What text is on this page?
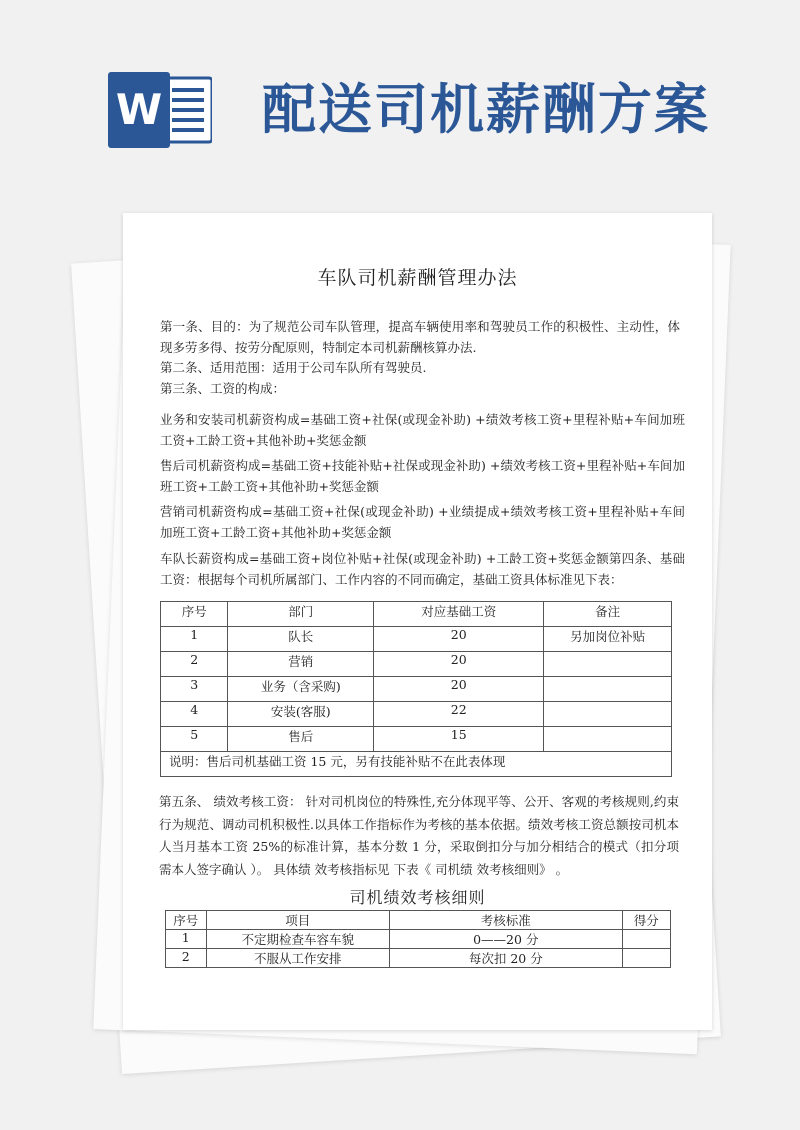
W 配送司机薪酬方案
车队司机薪酬管理办法

第一条、目的：为了规范公司车队管理，提高车辆使用率和驾驶员工作的积极性、主动性，体现多劳多得、按劳分配原则，特制定本司机薪酬核算办法.

第二条、适用范围：适用于公司车队所有驾驶员.

第三条、工资的构成：

业务和安装司机薪资构成=基础工资+社保(或现金补助) +绩效考核工资+里程补贴+车间加班工资+工龄工资+其他补助+奖惩金额

售后司机薪资构成=基础工资+技能补贴+社保或现金补助) +绩效考核工资+里程补贴+车间加班工资+工龄工资+其他补助+奖惩金额

营销司机薪资构成=基础工资+社保(或现金补助) +业绩提成+绩效考核工资+里程补贴+车间加班工资+工龄工资+其他补助+奖惩金额

车队长薪资构成=基础工资+岗位补贴+社保(或现金补助) +工龄工资+奖惩金额第四条、基础工资：根据每个司机所属部门、工作内容的不同而确定，基础工资具体标准见下表：

序号	部门	对应基础工资	备注
1	队长	20	另加岗位补贴
2	营销	20	
3	业务（含采购)	20	
4	安装(客服)	22	
5	售后	15	
说明：售后司机基础工资 15 元，另有技能补贴不在此表体现			

第五条、 绩效考核工资： 针对司机岗位的特殊性,充分体现平等、公开、客观的考核规则,约束行为规范、调动司机积极性.以具体工作指标作为考核的基本依据。绩效考核工资总额按司机本人当月基本工资 25%的标准计算，基本分数 1 分，采取倒扣分与加分相结合的模式（扣分项 需本人签字确认 ）。 具体绩 效考核指标见 下表《 司机绩 效考核细则》 。

司机绩效考核细则
序号	项目	考核标准	得分
1	不定期检查车容车貌	0——20 分	
2	不服从工作安排	每次扣 20 分	
